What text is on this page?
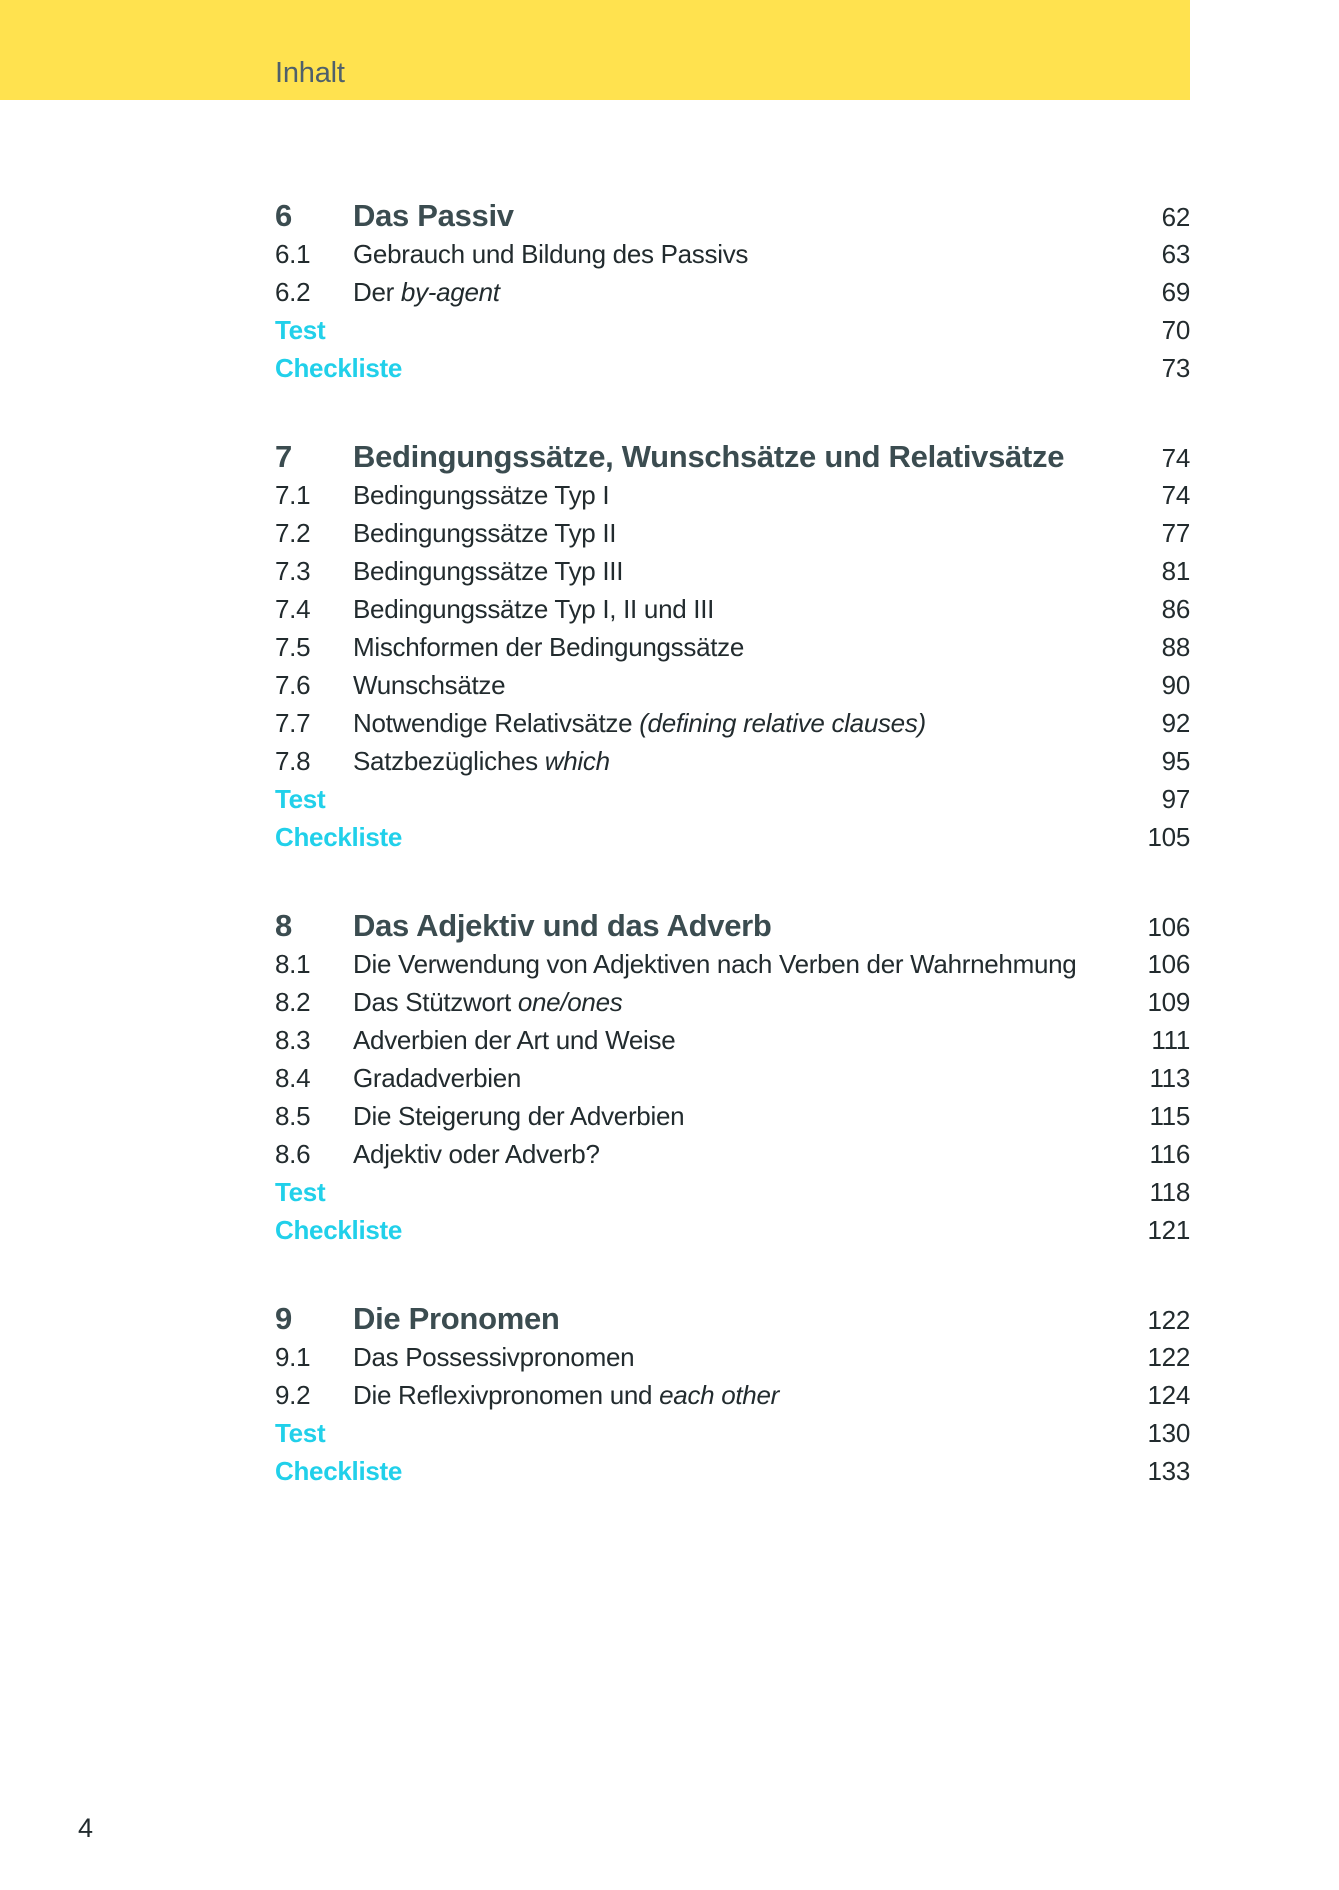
Inhalt
6	Das Passiv	62
6.1	Gebrauch und Bildung des Passivs	63
6.2	Der by-agent	69
Test	70
Checkliste	73
7	Bedingungssätze, Wunschsätze und Relativsätze	74
7.1	Bedingungssätze Typ I	74
7.2	Bedingungssätze Typ II	77
7.3	Bedingungssätze Typ III	81
7.4	Bedingungssätze Typ I, II und III	86
7.5	Mischformen der Bedingungssätze	88
7.6	Wunschsätze	90
7.7	Notwendige Relativsätze (defining relative clauses)	92
7.8	Satzbezügliches which	95
Test	97
Checkliste	105
8	Das Adjektiv und das Adverb	106
8.1	Die Verwendung von Adjektiven nach Verben der Wahrnehmung	106
8.2	Das Stützwort one/ones	109
8.3	Adverbien der Art und Weise	111
8.4	Gradadverbien	113
8.5	Die Steigerung der Adverbien	115
8.6	Adjektiv oder Adverb?	116
Test	118
Checkliste	121
9	Die Pronomen	122
9.1	Das Possessivpronomen	122
9.2	Die Reflexivpronomen und each other	124
Test	130
Checkliste	133
4
